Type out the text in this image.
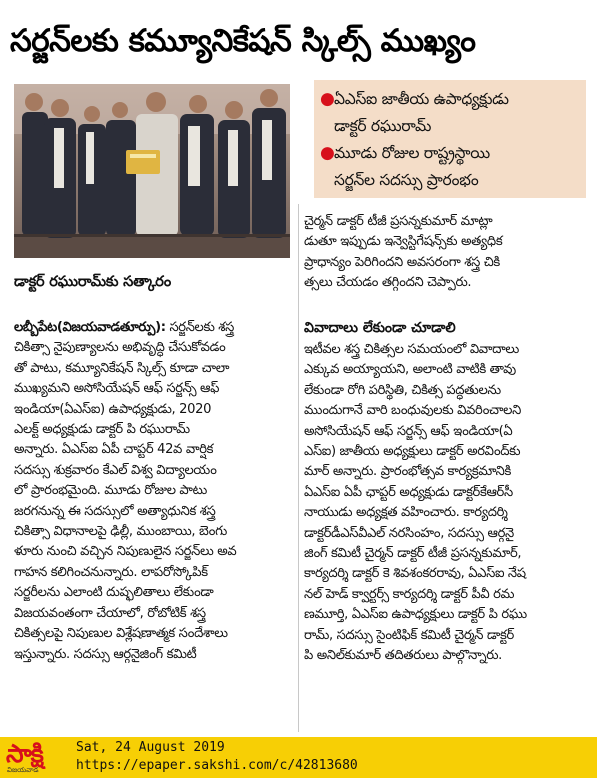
సర్జన్‌లకు కమ్యూనికేషన్ స్కిల్స్ ముఖ్యం
డాక్టర్ రఘురామ్‌కు సత్కారం
● ఏఎస్ఐ జాతీయ ఉపాధ్యక్షుడు
డాక్టర్ రఘురామ్
● మూడు రోజుల రాష్ట్రస్థాయి
సర్జన్‌ల సదస్సు ప్రారంభం
లబ్బీపేట(విజయవాడతూర్పు): సర్జన్‌లకు శస్త్ర
చికిత్సా నైపుణ్యాలను అభివృద్ధి చేసుకోవడం
తో పాటు, కమ్యూనికేషన్ స్కిల్స్ కూడా చాలా
ముఖ్యమని అసోసియేషన్ ఆఫ్ సర్జన్స్ ఆఫ్
ఇండియా(ఏఎస్ఐ) ఉపాధ్యక్షుడు, 2020
ఎలక్ట్ అధ్యక్షుడు డాక్టర్ పి రఘురామ్
అన్నారు. ఏఎస్ఐ ఏపీ చాప్టర్ 42వ వార్షిక
సదస్సు శుక్రవారం కేఎల్ విశ్వ విద్యాలయం
లో ప్రారంభమైంది. మూడు రోజుల పాటు
జరగనున్న ఈ సదస్సులో అత్యాధునిక శస్త్ర
చికిత్సా విధానాలపై ఢిల్లీ, ముంబాయి, బెంగు
ళూరు నుంచి వచ్చిన నిపుణులైన సర్జన్‌లు అవ
గాహన కలిగించనున్నారు. లాపరోస్కోపిక్
సర్జరీలను ఎలాంటి దుష్ఫలితాలు లేకుండా
విజయవంతంగా చేయాలో, రోబోటిక్ శస్త్ర
చికిత్సలపై నిపుణుల విశ్లేషణాత్మక సందేశాలు
ఇస్తున్నారు. సదస్సు ఆర్గనైజింగ్ కమిటీ
చైర్మన్ డాక్టర్ టీజీ ప్రసన్నకుమార్ మాట్లా
డుతూ ఇప్పుడు ఇన్వెస్టిగేషన్స్‌కు అత్యధిక
ప్రాధాన్యం పెరిగిందని అవసరంగా శస్త్ర చికి
త్సలు చేయడం తగ్గిందని చెప్పారు.
వివాదాలు లేకుండా చూడాలి
ఇటీవల శస్త్ర చికిత్సల సమయంలో వివాదాలు
ఎక్కువ అయ్యాయని, అలాంటి వాటికి తావు
లేకుండా రోగి పరిస్థితి, చికిత్స పద్ధతులను
ముందుగానే వారి బంధువులకు వివరించాలని
అసోసియేషన్ ఆఫ్ సర్జన్స్ ఆఫ్ ఇండియా(ఏ
ఎస్ఐ) జాతీయ అధ్యక్షులు డాక్టర్ అరవింద్‌కు
మార్ అన్నారు. ప్రారంభోత్సవ కార్యక్రమానికి
ఏఎస్ఐ ఏపీ ఛాప్టర్ అధ్యక్షుడు డాక్టర్‌కేఆర్‌సీ
నాయుడు అధ్యక్షత వహించారు. కార్యదర్శి
డాక్టర్‌డీఎస్‌వీఎల్ నరసింహం, సదస్సు ఆర్గనై
జింగ్ కమిటీ చైర్మన్ డాక్టర్ టీజీ ప్రసన్నకుమార్,
కార్యదర్శి డాక్టర్ కె శివశంకరరావు, ఏఎస్ఐ నేష
నల్ హెడ్ క్వార్టర్స్ కార్యదర్శి డాక్టర్ పీవీ రమ
ణమూర్తి, ఏఎస్ఐ ఉపాధ్యక్షులు డాక్టర్ పి రఘు
రామ్, సదస్సు సైంటిఫిక్ కమిటీ చైర్మన్ డాక్టర్
పి అనిల్‌కుమార్ తదితరులు పాల్గొన్నారు.
సాక్షి
విజయవాడ
Sat, 24 August 2019
https://epaper.sakshi.com/c/42813680
